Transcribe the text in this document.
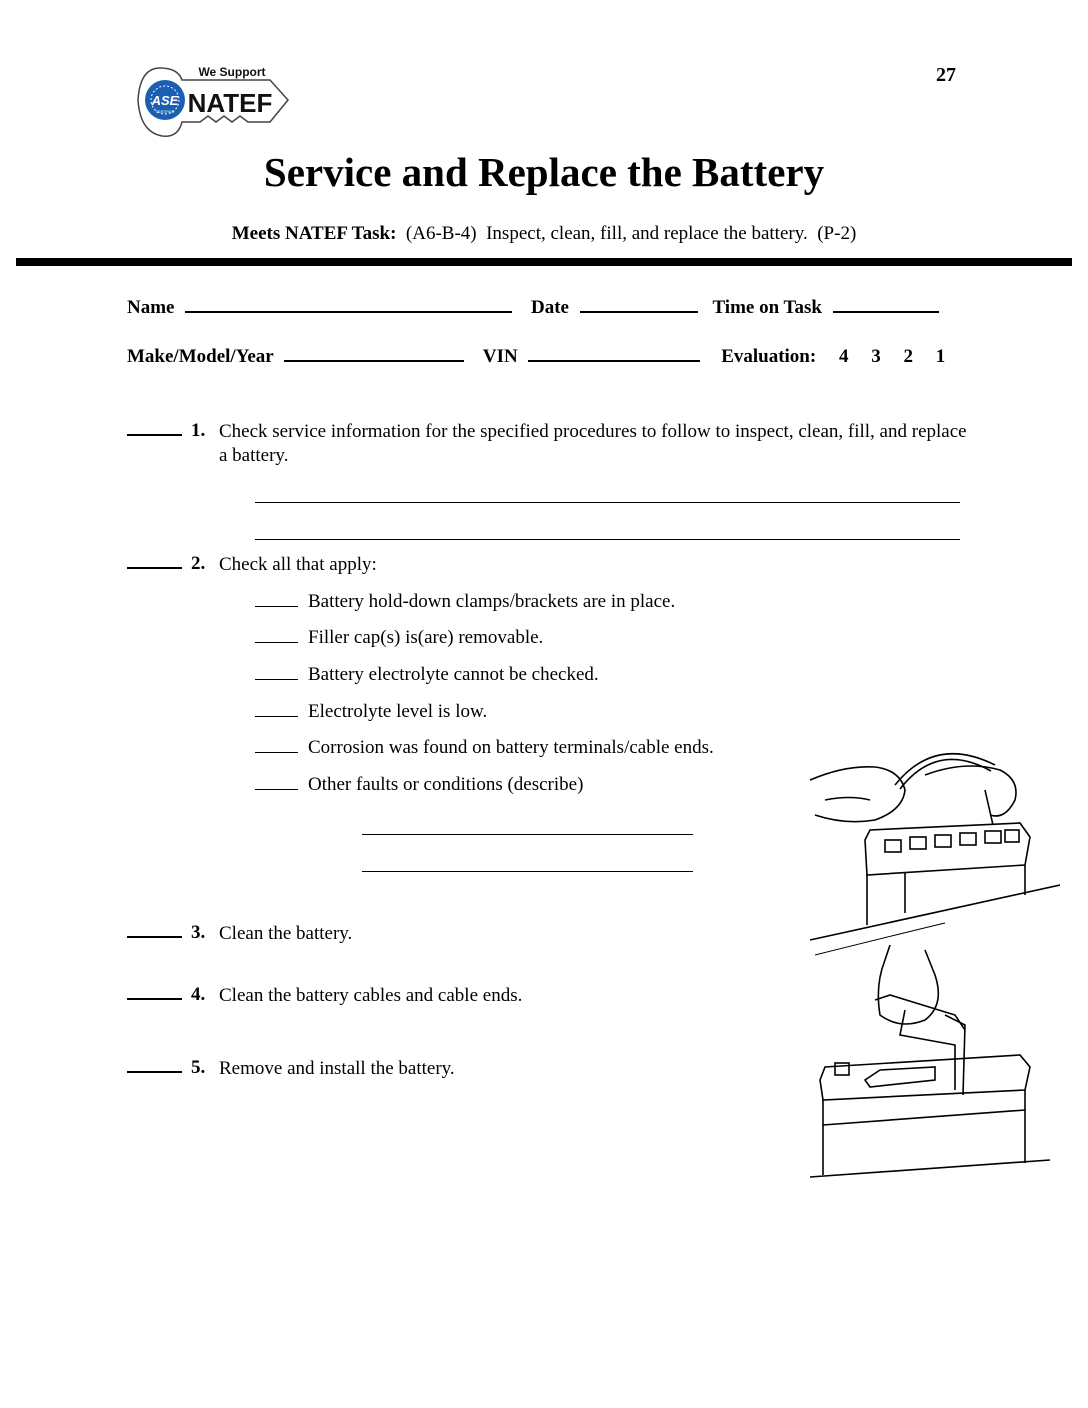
27
ASE
CERTIFIED
We Support
NATEF
Service and Replace the Battery
Meets NATEF Task: (A6-B-4) Inspect, clean, fill, and replace the battery. (P-2)
Name	Date	Time on Task
Make/Model/Year	VIN	Evaluation: 4 3 2 1
1. Check service information for the specified procedures to follow to inspect, clean, fill, and replace a battery.
2. Check all that apply:
Battery hold-down clamps/brackets are in place.
Filler cap(s) is(are) removable.
Battery electrolyte cannot be checked.
Electrolyte level is low.
Corrosion was found on battery terminals/cable ends.
Other faults or conditions (describe)
3. Clean the battery.
4. Clean the battery cables and cable ends.
5. Remove and install the battery.
